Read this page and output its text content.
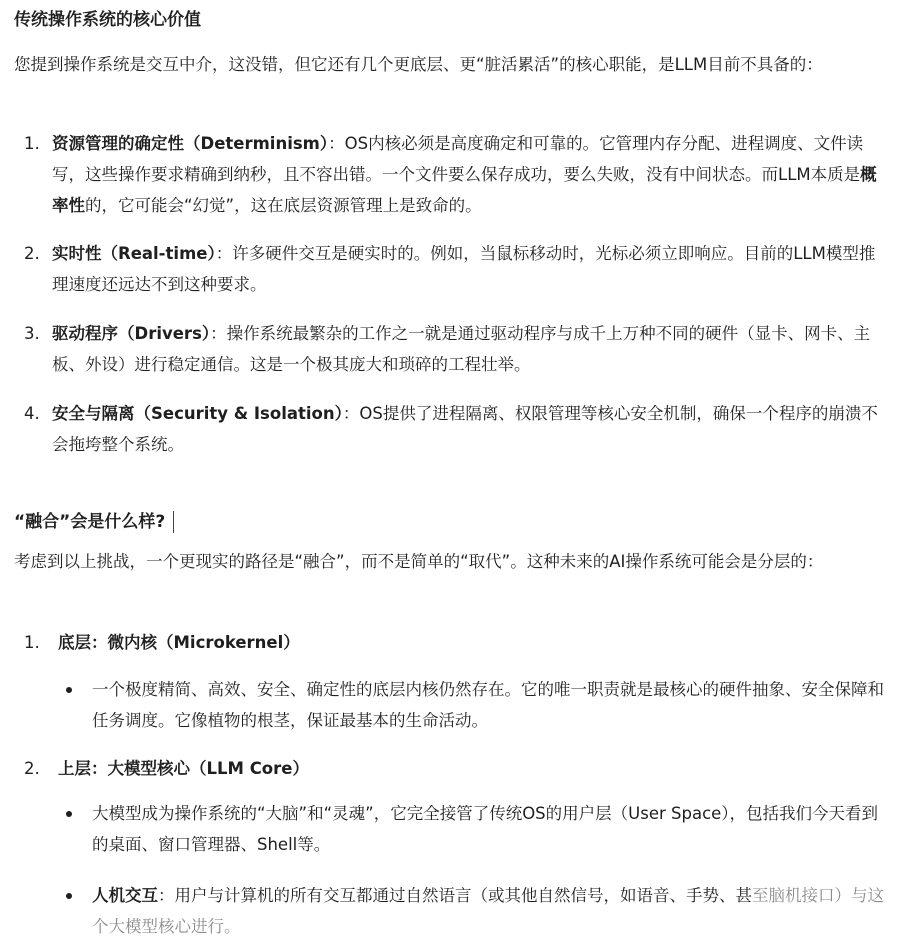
传统操作系统的核心价值

您提到操作系统是交互中介，这没错，但它还有几个更底层、更“脏活累活”的核心职能，是LLM目前不具备的：

1. 资源管理的确定性（Determinism）：OS内核必须是高度确定和可靠的。它管理内存分配、进程调度、文件读写，这些操作要求精确到纳秒，且不容出错。一个文件要么保存成功，要么失败，没有中间状态。而LLM本质是概率性的，它可能会“幻觉”，这在底层资源管理上是致命的。
2. 实时性（Real-time）：许多硬件交互是硬实时的。例如，当鼠标移动时，光标必须立即响应。目前的LLM模型推理速度还远达不到这种要求。
3. 驱动程序（Drivers）：操作系统最繁杂的工作之一就是通过驱动程序与成千上万种不同的硬件（显卡、网卡、主板、外设）进行稳定通信。这是一个极其庞大和琐碎的工程壮举。
4. 安全与隔离（Security & Isolation）：OS提供了进程隔离、权限管理等核心安全机制，确保一个程序的崩溃不会拖垮整个系统。
“融合”会是什么样?

考虑到以上挑战，一个更现实的路径是“融合”，而不是简单的“取代”。这种未来的AI操作系统可能会是分层的：

1. 底层：微内核（Microkernel）
一个极度精简、高效、安全、确定性的底层内核仍然存在。它的唯一职责就是最核心的硬件抽象、安全保障和任务调度。它像植物的根茎，保证最基本的生命活动。
2. 上层：大模型核心（LLM Core）
大模型成为操作系统的“大脑”和“灵魂”，它完全接管了传统OS的用户层（User Space），包括我们今天看到的桌面、窗口管理器、Shell等。
人机交互：用户与计算机的所有交互都通过自然语言（或其他自然信号，如语音、手势、甚至脑机接口）与这个大模型核心进行。
